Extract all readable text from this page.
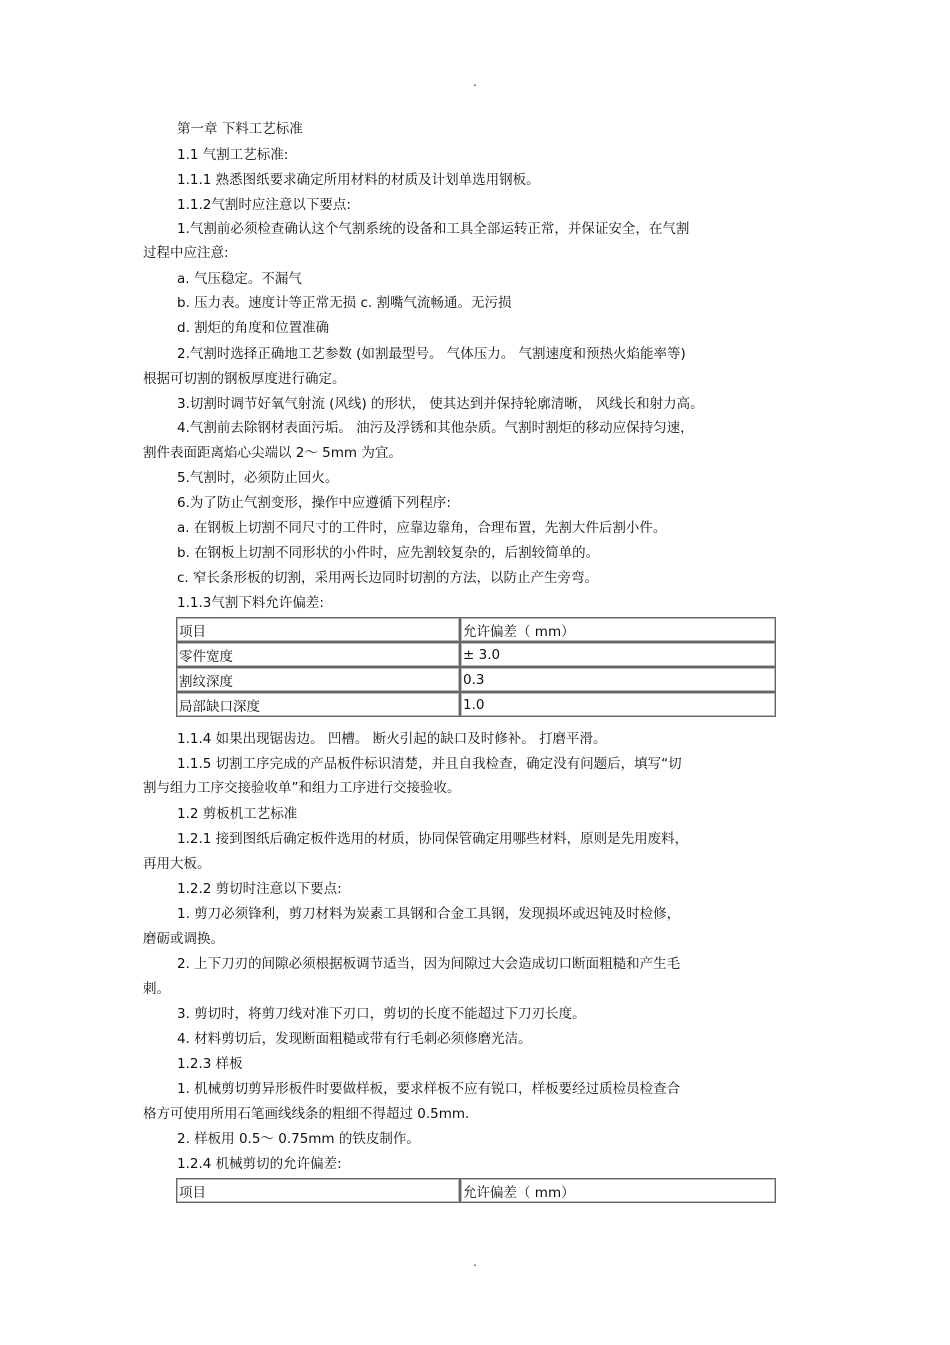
.
第一章 下料工艺标准
1.1 气割工艺标准:
1.1.1 熟悉图纸要求确定所用材料的材质及计划单选用钢板。
1.1.2气割时应注意以下要点:
1.气割前必须检查确认这个气割系统的设备和工具全部运转正常，并保证安全，在气割
过程中应注意:
a. 气压稳定。不漏气
b. 压力表。速度计等正常无损 c. 割嘴气流畅通。无污损
d. 割炬的角度和位置准确
2.气割时选择正确地工艺参数 (如割最型号。 气体压力。 气割速度和预热火焰能率等)
根据可切割的钢板厚度进行确定。
3.切割时调节好氧气射流 (风线) 的形状， 使其达到并保持轮廓清晰， 风线长和射力高。
4.气割前去除钢材表面污垢。 油污及浮锈和其他杂质。气割时割炬的移动应保持匀速，
割件表面距离焰心尖端以 2～ 5mm 为宜。
5.气割时，必须防止回火。
6.为了防止气割变形，操作中应遵循下列程序:
a. 在钢板上切割不同尺寸的工件时，应靠边靠角，合理布置，先割大件后割小件。
b. 在钢板上切割不同形状的小件时，应先割较复杂的，后割较简单的。
c. 窄长条形板的切割，采用两长边同时切割的方法，以防止产生旁弯。
1.1.3气割下料允许偏差:
项目	允许偏差（ mm）
零件宽度	± 3.0
割纹深度	0.3
局部缺口深度	1.0
1.1.4 如果出现锯齿边。 凹槽。 断火引起的缺口及时修补。 打磨平滑。
1.1.5 切割工序完成的产品板件标识清楚，并且自我检查，确定没有问题后，填写“切
割与组力工序交接验收单”和组力工序进行交接验收。
1.2 剪板机工艺标准
1.2.1 接到图纸后确定板件选用的材质，协同保管确定用哪些材料，原则是先用废料，
再用大板。
1.2.2 剪切时注意以下要点:
1. 剪刀必须锋利，剪刀材料为炭素工具钢和合金工具钢，发现损坏或迟钝及时检修，
磨砺或调换。
2. 上下刀刃的间隙必须根据板调节适当，因为间隙过大会造成切口断面粗糙和产生毛
刺。
3. 剪切时，将剪刀线对准下刃口，剪切的长度不能超过下刀刃长度。
4. 材料剪切后，发现断面粗糙或带有行毛刺必须修磨光洁。
1.2.3 样板
1. 机械剪切剪异形板件时要做样板，要求样板不应有锐口，样板要经过质检员检查合
格方可使用所用石笔画线线条的粗细不得超过 0.5mm.
2. 样板用 0.5～ 0.75mm 的铁皮制作。
1.2.4 机械剪切的允许偏差:
项目	允许偏差（ mm）
.
